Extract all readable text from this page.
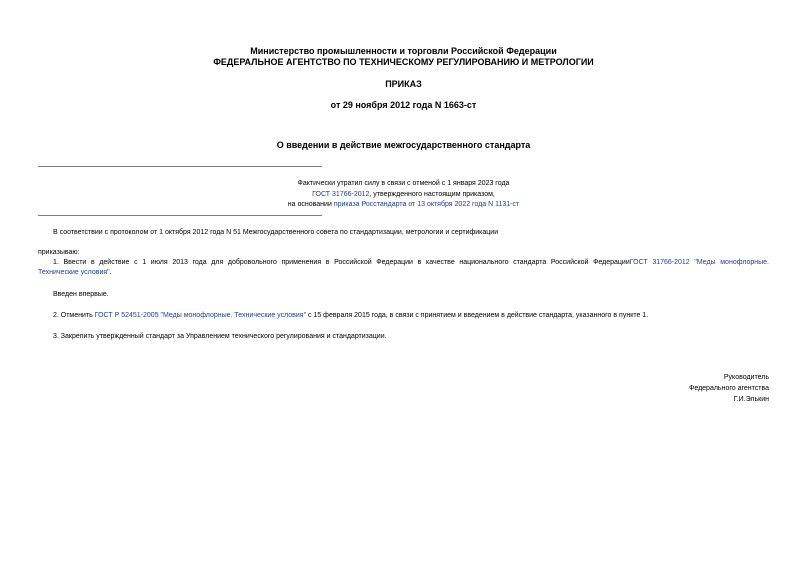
Министерство промышленности и торговли Российской Федерации
ФЕДЕРАЛЬНОЕ АГЕНТСТВО ПО ТЕХНИЧЕСКОМУ РЕГУЛИРОВАНИЮ И МЕТРОЛОГИИ
ПРИКАЗ
от 29 ноября 2012 года N 1663-ст
О введении в действие межгосударственного стандарта
Фактически утратил силу в связи с отменой с 1 января 2023 года
ГОСТ 31766-2012, утвержденного настоящим приказом,
на основании приказа Росстандарта от 13 октября 2022 года N 1131-ст
В соответствии с протоколом от 1 октября 2012 года N 51 Межгосударственного совета по стандартизации, метрологии и сертификации
приказываю:
1. Ввести в действие с 1 июля 2013 года для добровольного применения в Российской Федерации в качестве национального стандарта Российской ФедерацииГОСТ 31766-2012 "Меды монофлорные.
Технические условия".
Введен впервые.
2. Отменить ГОСТ Р 52451-2005 "Меды монофлорные. Технические условия" с 15 февраля 2015 года, в связи с принятием и введением в действие стандарта, указанного в пункте 1.
3. Закрепить утвержденный стандарт за Управлением технического регулирования и стандартизации.
Руководитель
Федерального агентства
Г.И.Элькин
